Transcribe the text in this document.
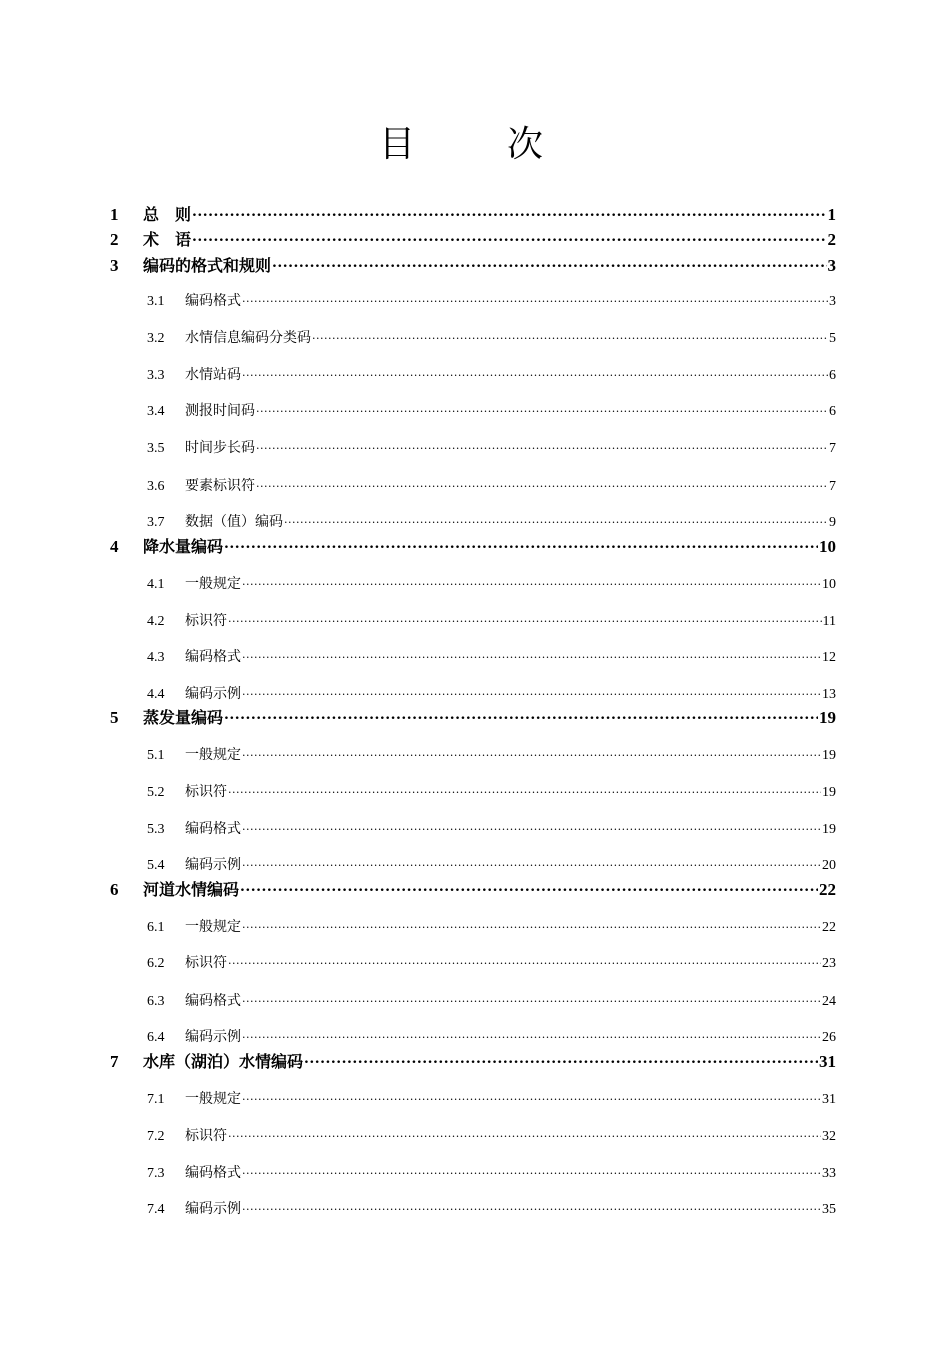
目　次
1	总　则 .....	1
2	术　语 .....	2
3	编码的格式和规则 .....	3
3.1	编码格式 .....	3
3.2	水情信息编码分类码 .....	5
3.3	水情站码 .....	6
3.4	测报时间码 .....	6
3.5	时间步长码 .....	7
3.6	要素标识符 .....	7
3.7	数据（值）编码 .....	9
4	降水量编码 .....	10
4.1	一般规定 .....	10
4.2	标识符 .....	11
4.3	编码格式 .....	12
4.4	编码示例 .....	13
5	蒸发量编码 .....	19
5.1	一般规定 .....	19
5.2	标识符 .....	19
5.3	编码格式 .....	19
5.4	编码示例 .....	20
6	河道水情编码 .....	22
6.1	一般规定 .....	22
6.2	标识符 .....	23
6.3	编码格式 .....	24
6.4	编码示例 .....	26
7	水库（湖泊）水情编码 .....	31
7.1	一般规定 .....	31
7.2	标识符 .....	32
7.3	编码格式 .....	33
7.4	编码示例 .....	35
